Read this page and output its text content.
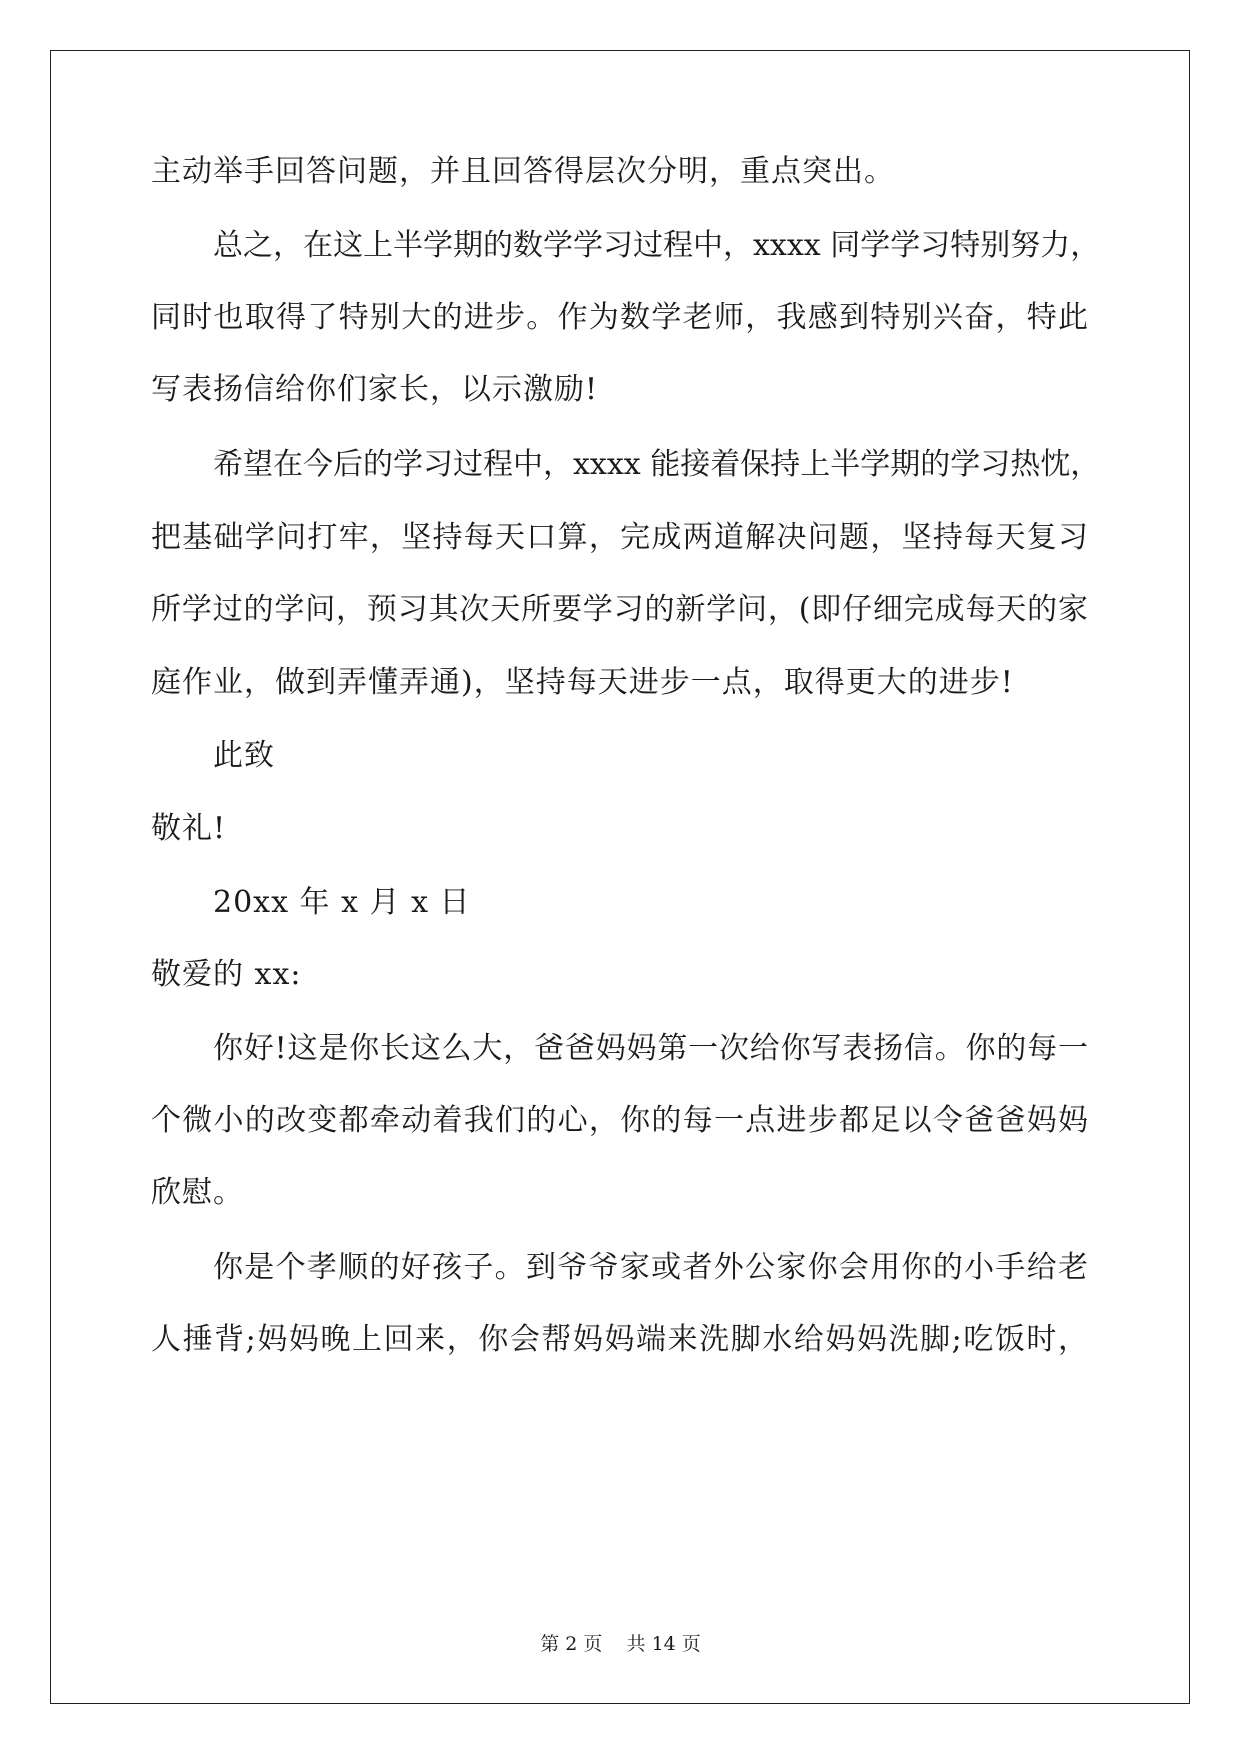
主动举手回答问题，并且回答得层次分明，重点突出。
总之，在这上半学期的数学学习过程中，xxxx 同学学习特别努力，
同时也取得了特别大的进步。作为数学老师，我感到特别兴奋，特此
写表扬信给你们家长，以示激励!
希望在今后的学习过程中，xxxx 能接着保持上半学期的学习热忱，
把基础学问打牢，坚持每天口算，完成两道解决问题，坚持每天复习
所学过的学问，预习其次天所要学习的新学问，(即仔细完成每天的家
庭作业，做到弄懂弄通)，坚持每天进步一点，取得更大的进步!
此致
敬礼!
20xx 年 x 月 x 日
敬爱的 xx:
你好!这是你长这么大，爸爸妈妈第一次给你写表扬信。你的每一
个微小的改变都牵动着我们的心，你的每一点进步都足以令爸爸妈妈
欣慰。
你是个孝顺的好孩子。到爷爷家或者外公家你会用你的小手给老
人捶背;妈妈晚上回来，你会帮妈妈端来洗脚水给妈妈洗脚;吃饭时，
第 2 页    共 14 页
